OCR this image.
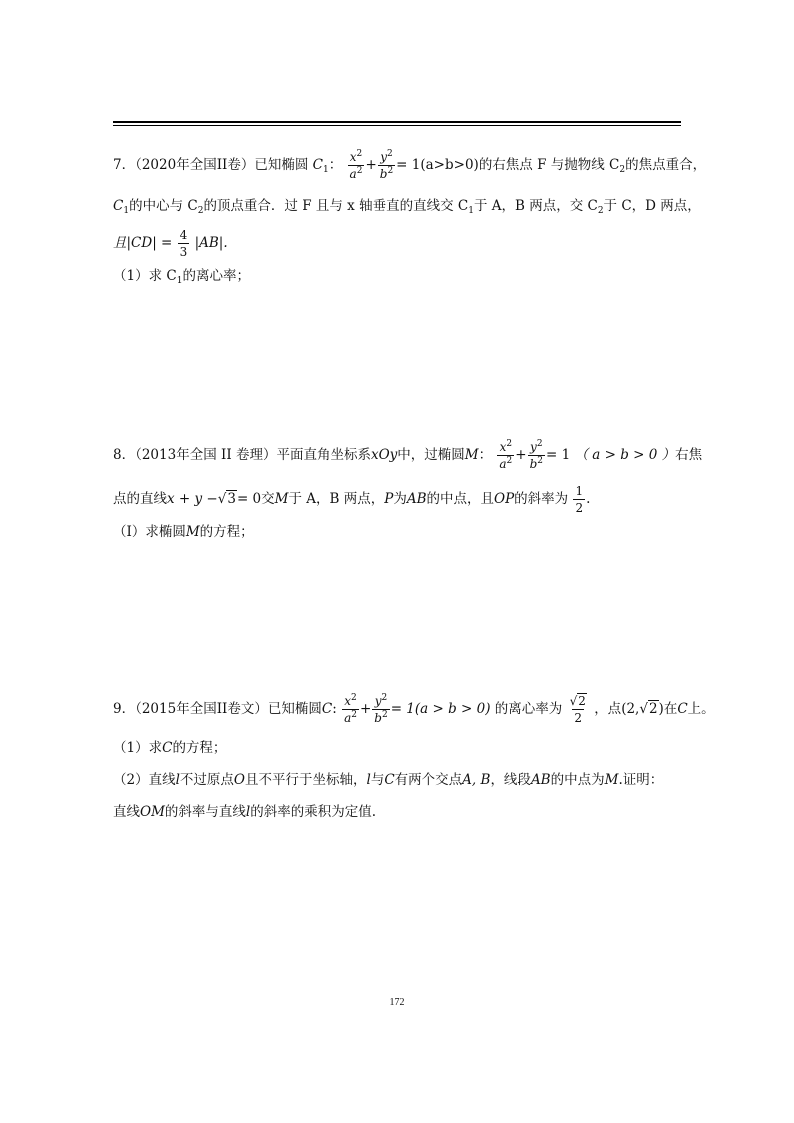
7．（2020年全国II卷）已知椭圆 $C_1$： $\frac{x^2}{a^2} + \frac{y^2}{b^2} = 1(a>b>0)$的右焦点 F 与抛物线 $C_2$的焦点重合，
$C_1$的中心与 $C_2$的顶点重合．过 F 且与 x 轴垂直的直线交 $C_1$于 A，B 两点，交 $C_2$于 C，D 两点，
且$|CD| = \frac{4}{3} |AB|$.
（1）求 $C_1$的离心率；
8．（2013年全国 II 卷理）平面直角坐标系xOy中，过椭圆M： $\frac{x^2}{a^2} + \frac{y^2}{b^2} = 1$ （ a > b > 0 ）右焦
点的直线x + y −√3= 0交M于 A，B 两点，P为AB的中点，且OP的斜率为 $\frac{1}{2}$ .
（I）求椭圆M的方程；
9．（2015年全国II卷文）已知椭圆C: $\frac{x^2}{a^2} + \frac{y^2}{b^2} = 1(a > b > 0)$ 的离心率为 $\frac{√2}{2}$ ，点(2,√2)在C上。
（1）求C的方程；
（2）直线l不过原点O且不平行于坐标轴，l与C有两个交点A, B，线段AB的中点为M.证明：
直线OM的斜率与直线l的斜率的乘积为定值.
172
